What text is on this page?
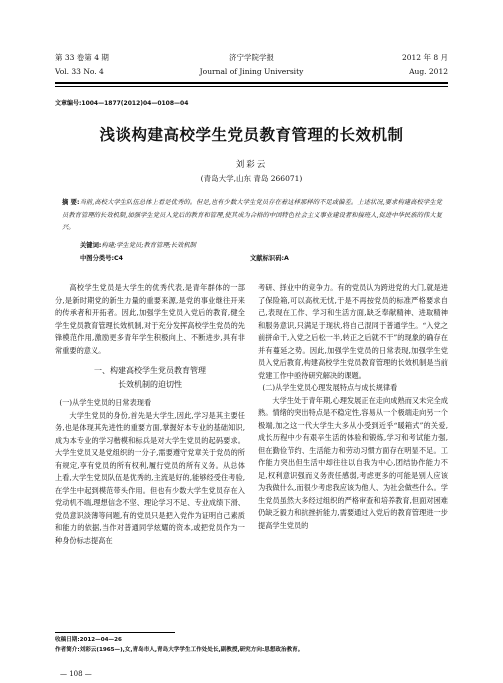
第 33 卷第 4 期	济宁学院学报	2012 年 8 月
Vol. 33 No. 4	Journal of Jining University	Aug. 2012
文章编号:1004—1877(2012)04—0108—04
浅谈构建高校学生党员教育管理的长效机制
刘彩云
(青岛大学,山东 青岛 266071)
摘 要:当前,高校大学生队伍总体上看是优秀的。但是,也有少数大学生党员存在着这样那样的不足或偏差。上述状况,要求构建高校学生党员教育管理的长效机制,加强学生党员入党后的教育和管理,使其成为合格的中国特色社会主义事业建设者和接班人,促进中华民族的伟大复兴。
关键词:构建;学生党员;教育管理;长效机制
中图分类号:C4	文献标识码:A

高校学生党员是大学生的优秀代表,是青年群体的一部分,是新时期党的新生力量的重要来源,是党的事业继往开来的传承者和开拓者。因此,加强学生党员入党后的教育,健全学生党员教育管理长效机制,对于充分发挥高校学生党员的先锋模范作用,激励更多青年学生积极向上、不断进步,具有非常重要的意义。

一、构建高校学生党员教育管理
长效机制的迫切性

(一)从学生党员的日常表现看

大学生党员的身份,首先是大学生,因此,学习是其主要任务,也是体现其先进性的重要方面,掌握好本专业的基础知识,成为本专业的学习楷模和标兵是对大学生党员的起码要求。大学生党员又是党组织的一分子,需要遵守党章关于党员的所有规定,享有党员的所有权利,履行党员的所有义务。从总体上看,大学生党员队伍是优秀的,主流是好的,能够经受住考验,在学生中起到模范带头作用。但也有少数大学生党员存在入党动机不端,理想信念不坚、理论学习不足、专业成绩下滑、党员意识淡薄等问题,有的党员只是把入党作为证明自己素质和能力的依据,当作对普通同学炫耀的资本,或把党员作为一种身份标志提高在

考研、择业中的竞争力。有的党员认为跨进党的大门,就是进了保险箱,可以高枕无忧,于是不再按党员的标准严格要求自己,表现在工作、学习和生活方面,缺乏奉献精神、进取精神和服务意识,只满足于现状,将自己混同于普通学生。“入党之前拼命干,入党之后松一半,转正之后就不干”的现象的确存在并有蔓延之势。因此,加强学生党员的日常表现,加强学生党员入党后教育,构建高校学生党员教育管理的长效机制是当前党建工作中亟待研究解决的课题。

(二)从学生党员心理发展特点与成长规律看

大学生处于青年期,心理发展正在走向成熟而又未完全成熟。情绪的突出特点是不稳定性,容易从一个极端走向另一个极端,加之这一代大学生大多从小受到近乎“暖箱式”的关爱,成长历程中少有艰辛生活的体验和锻炼,学习和考试能力强,但在勤俭节约、生活能力和劳动习惯方面存在明显不足。工作能力突出但生活中却往往以自我为中心,团结协作能力不足,权利意识强而义务责任感弱,考虑更多的可能是别人应该为我做什么,而很少考虑我应该为他人、为社会做些什么。学生党员虽然大多经过组织的严格审查和培养教育,但面对困难仍缺乏毅力和抗挫折能力,需要通过入党后的教育管理进一步提高学生党员的

收稿日期:2012—04—26
作者简介:刘彩云(1965—),女,青岛市人,青岛大学学生工作处处长,副教授,研究方向:思想政治教育。
— 108 —
